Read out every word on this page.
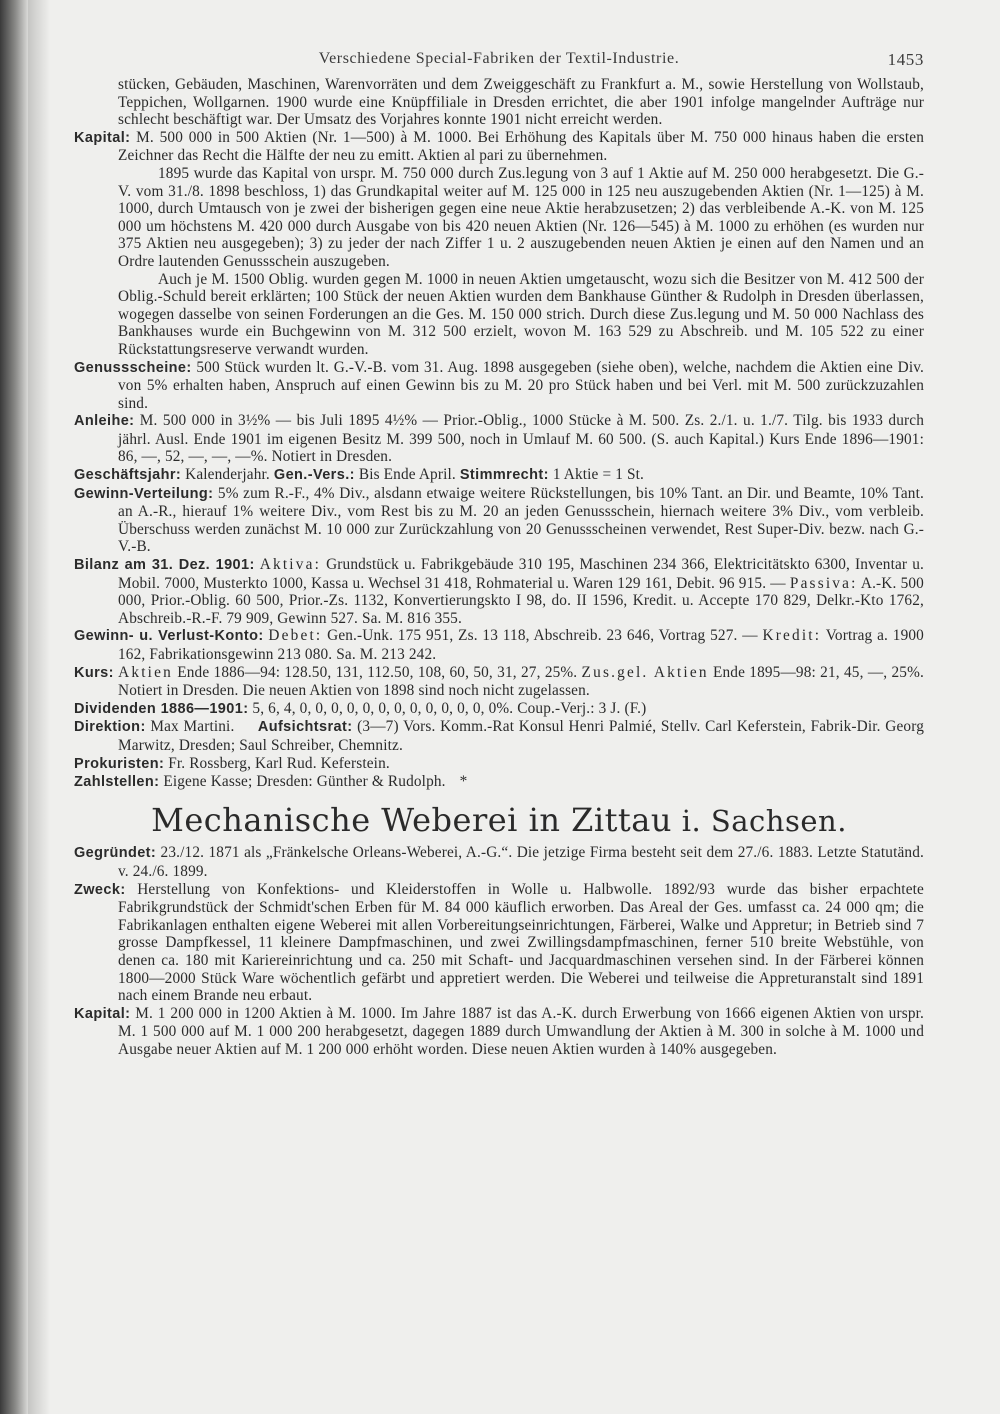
Verschiedene Special-Fabriken der Textil-Industrie.	1453

stücken, Gebäuden, Maschinen, Warenvorräten und dem Zweiggeschäft zu Frankfurt a. M., sowie Herstellung von Wollstaub, Teppichen, Wollgarnen. 1900 wurde eine Knüpffiliale in Dresden errichtet, die aber 1901 infolge mangelnder Aufträge nur schlecht beschäftigt war. Der Umsatz des Vorjahres konnte 1901 nicht erreicht werden.

Kapital: M. 500 000 in 500 Aktien (Nr. 1—500) à M. 1000. Bei Erhöhung des Kapitals über M. 750 000 hinaus haben die ersten Zeichner das Recht die Hälfte der neu zu emitt. Aktien al pari zu übernehmen.

1895 wurde das Kapital von urspr. M. 750 000 durch Zus.legung von 3 auf 1 Aktie auf M. 250 000 herabgesetzt. Die G.-V. vom 31./8. 1898 beschloss, 1) das Grundkapital weiter auf M. 125 000 in 125 neu auszugebenden Aktien (Nr. 1—125) à M. 1000, durch Umtausch von je zwei der bisherigen gegen eine neue Aktie herabzusetzen; 2) das verbleibende A.-K. von M. 125 000 um höchstens M. 420 000 durch Ausgabe von bis 420 neuen Aktien (Nr. 126—545) à M. 1000 zu erhöhen (es wurden nur 375 Aktien neu ausgegeben); 3) zu jeder der nach Ziffer 1 u. 2 auszugebenden neuen Aktien je einen auf den Namen und an Ordre lautenden Genussschein auszugeben.

Auch je M. 1500 Oblig. wurden gegen M. 1000 in neuen Aktien umgetauscht, wozu sich die Besitzer von M. 412 500 der Oblig.-Schuld bereit erklärten; 100 Stück der neuen Aktien wurden dem Bankhause Günther & Rudolph in Dresden überlassen, wogegen dasselbe von seinen Forderungen an die Ges. M. 150 000 strich. Durch diese Zus.legung und M. 50 000 Nachlass des Bankhauses wurde ein Buchgewinn von M. 312 500 erzielt, wovon M. 163 529 zu Abschreib. und M. 105 522 zu einer Rückstattungsreserve verwandt wurden.

Genussscheine: 500 Stück wurden lt. G.-V.-B. vom 31. Aug. 1898 ausgegeben (siehe oben), welche, nachdem die Aktien eine Div. von 5% erhalten haben, Anspruch auf einen Gewinn bis zu M. 20 pro Stück haben und bei Verl. mit M. 500 zurückzuzahlen sind.

Anleihe: M. 500 000 in 3½% — bis Juli 1895 4½% — Prior.-Oblig., 1000 Stücke à M. 500. Zs. 2./1. u. 1./7. Tilg. bis 1933 durch jährl. Ausl. Ende 1901 im eigenen Besitz M. 399 500, noch in Umlauf M. 60 500. (S. auch Kapital.) Kurs Ende 1896—1901: 86, —, 52, —, —, —%. Notiert in Dresden.

Geschäftsjahr: Kalenderjahr. Gen.-Vers.: Bis Ende April. Stimmrecht: 1 Aktie = 1 St.

Gewinn-Verteilung: 5% zum R.-F., 4% Div., alsdann etwaige weitere Rückstellungen, bis 10% Tant. an Dir. und Beamte, 10% Tant. an A.-R., hierauf 1% weitere Div., vom Rest bis zu M. 20 an jeden Genussschein, hiernach weitere 3% Div., vom verbleib. Überschuss werden zunächst M. 10 000 zur Zurückzahlung von 20 Genussscheinen verwendet, Rest Super-Div. bezw. nach G.-V.-B.

Bilanz am 31. Dez. 1901: Aktiva: Grundstück u. Fabrikgebäude 310 195, Maschinen 234 366, Elektricitätskto 6300, Inventar u. Mobil. 7000, Musterkto 1000, Kassa u. Wechsel 31 418, Rohmaterial u. Waren 129 161, Debit. 96 915. — Passiva: A.-K. 500 000, Prior.-Oblig. 60 500, Prior.-Zs. 1132, Konvertierungskto I 98, do. II 1596, Kredit. u. Accepte 170 829, Delkr.-Kto 1762, Abschreib.-R.-F. 79 909, Gewinn 527. Sa. M. 816 355.

Gewinn- u. Verlust-Konto: Debet: Gen.-Unk. 175 951, Zs. 13 118, Abschreib. 23 646, Vortrag 527. — Kredit: Vortrag a. 1900 162, Fabrikationsgewinn 213 080. Sa. M. 213 242.

Kurs: Aktien Ende 1886—94: 128.50, 131, 112.50, 108, 60, 50, 31, 27, 25%. Zus.gel. Aktien Ende 1895—98: 21, 45, —, 25%. Notiert in Dresden. Die neuen Aktien von 1898 sind noch nicht zugelassen.

Dividenden 1886—1901: 5, 6, 4, 0, 0, 0, 0, 0, 0, 0, 0, 0, 0, 0, 0, 0%. Coup.-Verj.: 3 J. (F.)

Direktion: Max Martini. Aufsichtsrat: (3—7) Vors. Komm.-Rat Konsul Henri Palmié, Stellv. Carl Keferstein, Fabrik-Dir. Georg Marwitz, Dresden; Saul Schreiber, Chemnitz.

Prokuristen: Fr. Rossberg, Karl Rud. Keferstein.

Zahlstellen: Eigene Kasse; Dresden: Günther & Rudolph. *

Mechanische Weberei in Zittau i. Sachsen.

Gegründet: 23./12. 1871 als „Fränkelsche Orleans-Weberei, A.-G.“. Die jetzige Firma besteht seit dem 27./6. 1883. Letzte Statutänd. v. 24./6. 1899.

Zweck: Herstellung von Konfektions- und Kleiderstoffen in Wolle u. Halbwolle. 1892/93 wurde das bisher erpachtete Fabrikgrundstück der Schmidt'schen Erben für M. 84 000 käuflich erworben. Das Areal der Ges. umfasst ca. 24 000 qm; die Fabrikanlagen enthalten eigene Weberei mit allen Vorbereitungseinrichtungen, Färberei, Walke und Appretur; in Betrieb sind 7 grosse Dampfkessel, 11 kleinere Dampfmaschinen, und zwei Zwillingsdampfmaschinen, ferner 510 breite Webstühle, von denen ca. 180 mit Kariereinrichtung und ca. 250 mit Schaft- und Jacquardmaschinen versehen sind. In der Färberei können 1800—2000 Stück Ware wöchentlich gefärbt und appretiert werden. Die Weberei und teilweise die Appreturanstalt sind 1891 nach einem Brande neu erbaut.

Kapital: M. 1 200 000 in 1200 Aktien à M. 1000. Im Jahre 1887 ist das A.-K. durch Erwerbung von 1666 eigenen Aktien von urspr. M. 1 500 000 auf M. 1 000 200 herabgesetzt, dagegen 1889 durch Umwandlung der Aktien à M. 300 in solche à M. 1000 und Ausgabe neuer Aktien auf M. 1 200 000 erhöht worden. Diese neuen Aktien wurden à 140% ausgegeben.
